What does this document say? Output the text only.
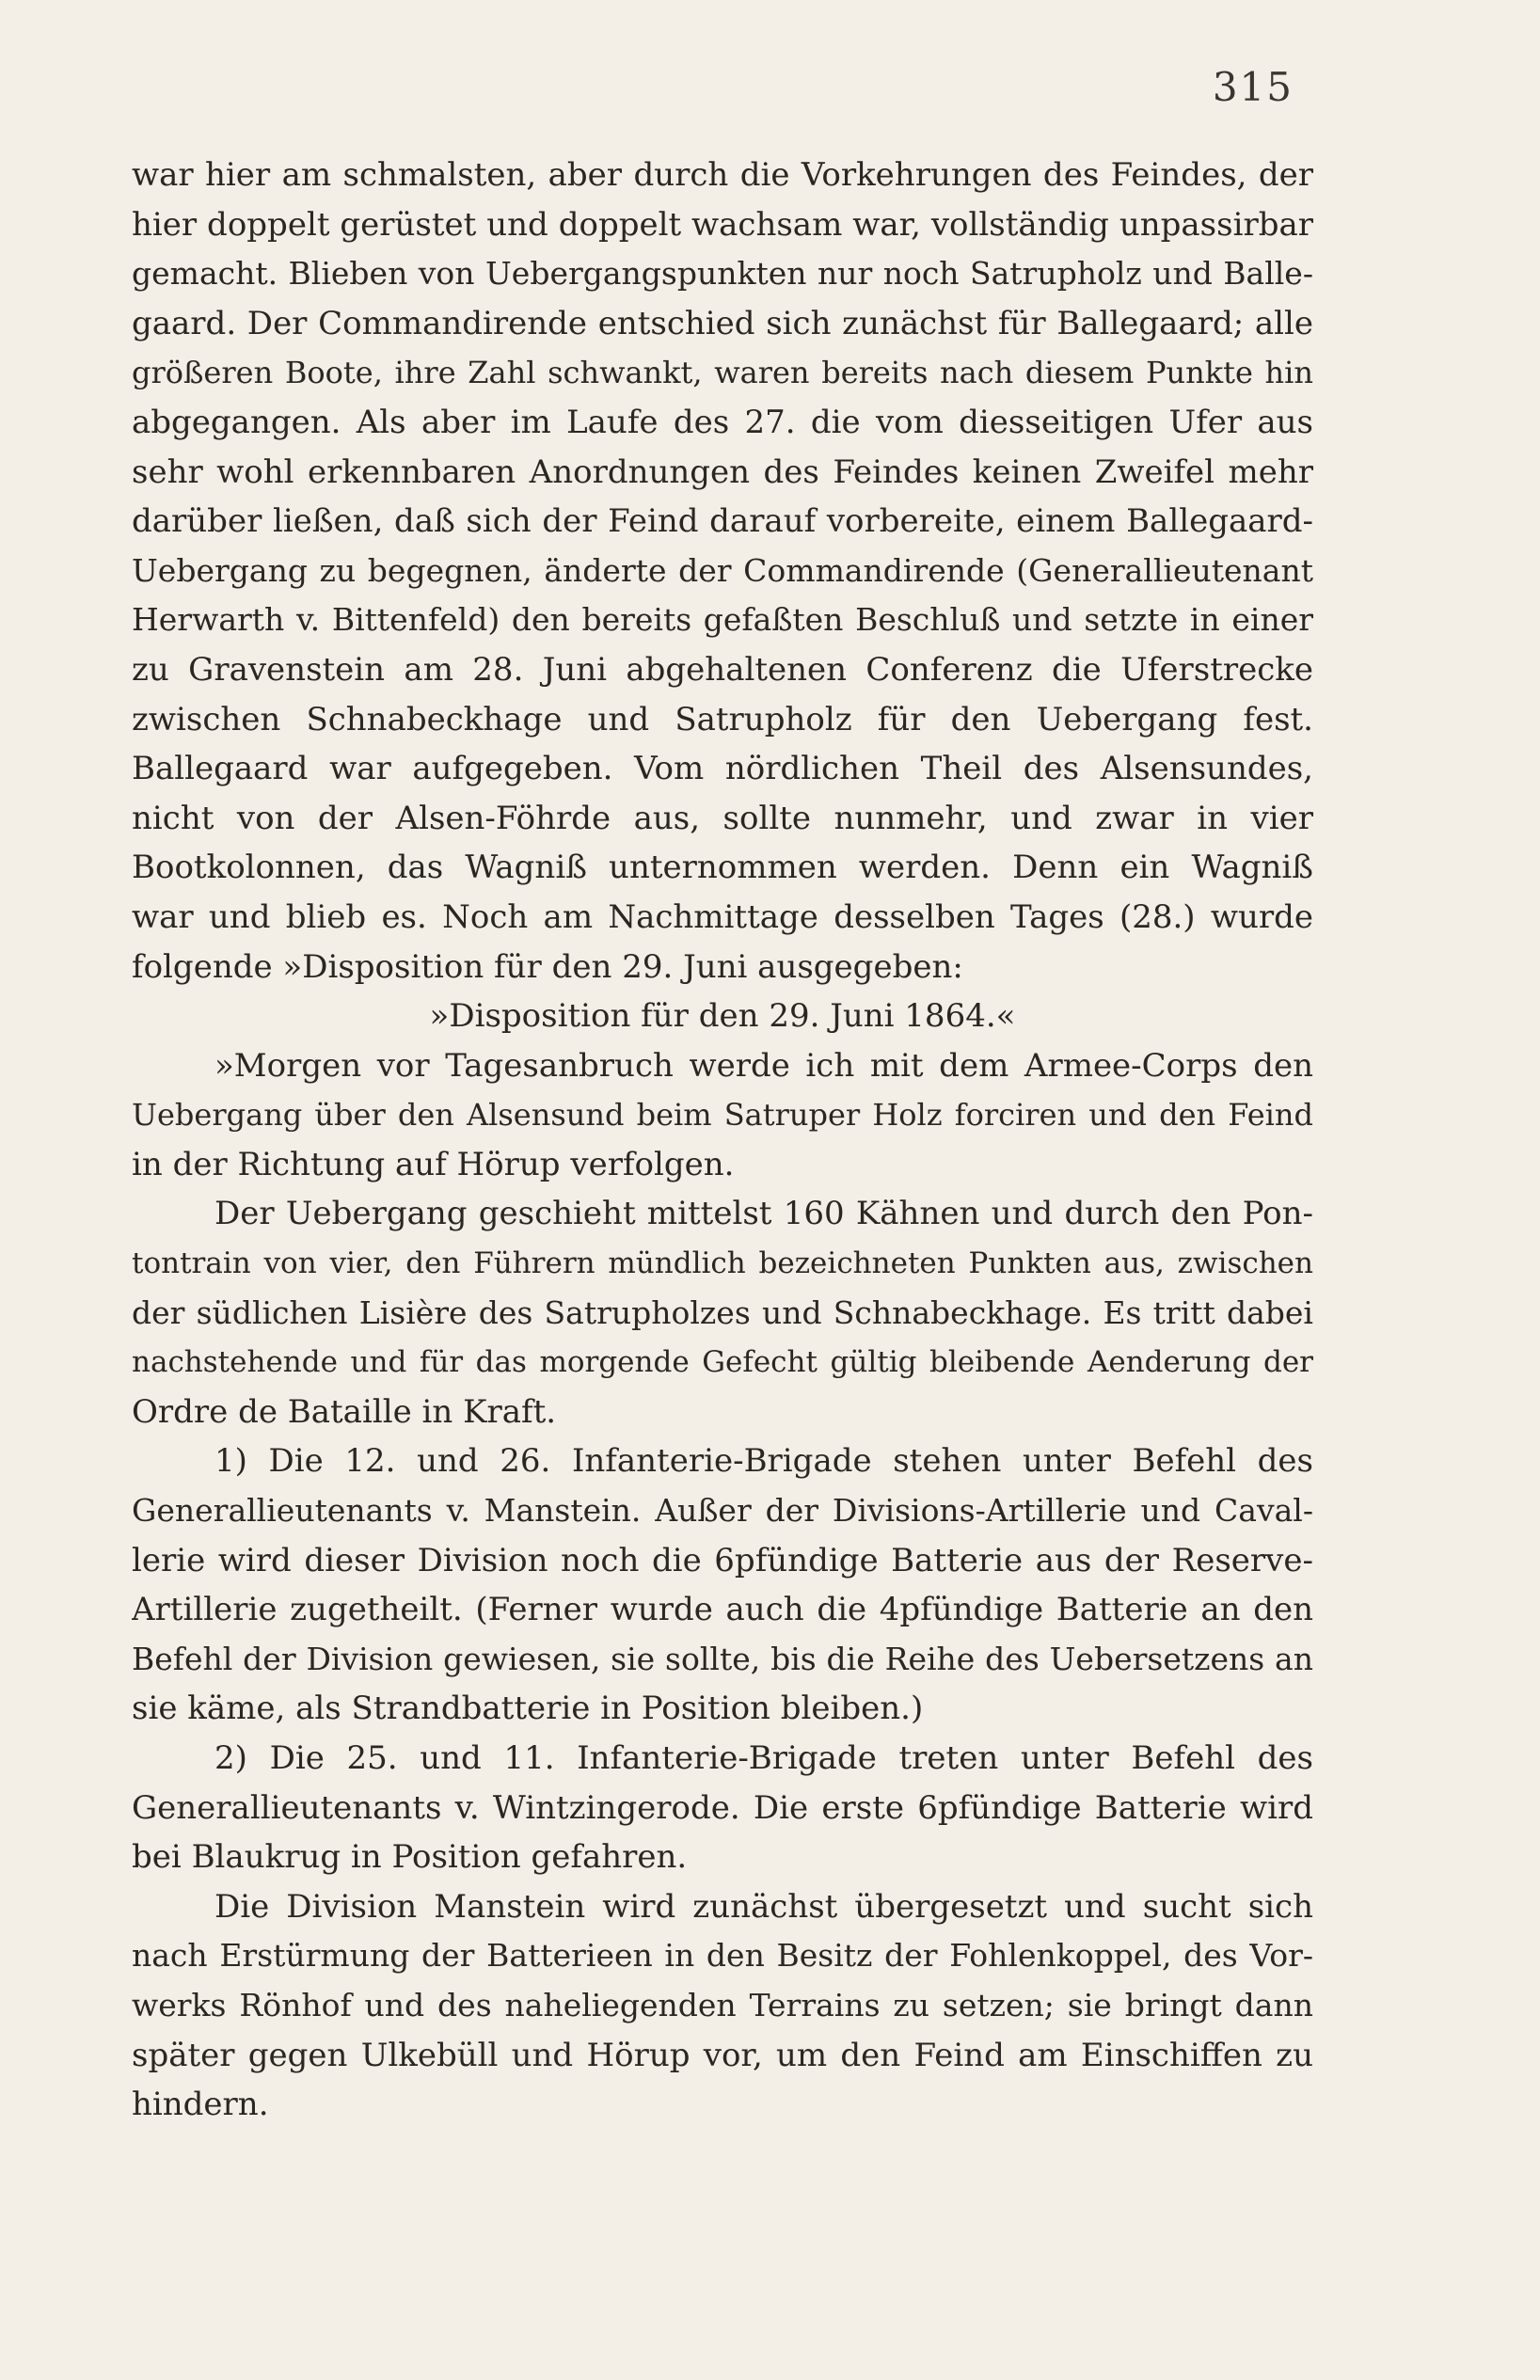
315
war hier am schmalsten, aber durch die Vorkehrungen des Feindes, der
hier doppelt gerüstet und doppelt wachsam war, vollständig unpassirbar
gemacht. Blieben von Uebergangspunkten nur noch Satrupholz und Balle-
gaard. Der Commandirende entschied sich zunächst für Ballegaard; alle
größeren Boote, ihre Zahl schwankt, waren bereits nach diesem Punkte hin
abgegangen. Als aber im Laufe des 27. die vom diesseitigen Ufer aus
sehr wohl erkennbaren Anordnungen des Feindes keinen Zweifel mehr
darüber ließen, daß sich der Feind darauf vorbereite, einem Ballegaard-
Uebergang zu begegnen, änderte der Commandirende (Generallieutenant
Herwarth v. Bittenfeld) den bereits gefaßten Beschluß und setzte in einer
zu Gravenstein am 28. Juni abgehaltenen Conferenz die Uferstrecke
zwischen Schnabeckhage und Satrupholz für den Uebergang fest.
Ballegaard war aufgegeben. Vom nördlichen Theil des Alsensundes,
nicht von der Alsen-Föhrde aus, sollte nunmehr, und zwar in vier
Bootkolonnen, das Wagniß unternommen werden. Denn ein Wagniß
war und blieb es. Noch am Nachmittage desselben Tages (28.) wurde
folgende »Disposition für den 29. Juni ausgegeben:
»Disposition für den 29. Juni 1864.«
»Morgen vor Tagesanbruch werde ich mit dem Armee-Corps den
Uebergang über den Alsensund beim Satruper Holz forciren und den Feind
in der Richtung auf Hörup verfolgen.
Der Uebergang geschieht mittelst 160 Kähnen und durch den Pon-
tontrain von vier, den Führern mündlich bezeichneten Punkten aus, zwischen
der südlichen Lisière des Satrupholzes und Schnabeckhage. Es tritt dabei
nachstehende und für das morgende Gefecht gültig bleibende Aenderung der
Ordre de Bataille in Kraft.
1) Die 12. und 26. Infanterie-Brigade stehen unter Befehl des
Generallieutenants v. Manstein. Außer der Divisions-Artillerie und Caval-
lerie wird dieser Division noch die 6pfündige Batterie aus der Reserve-
Artillerie zugetheilt. (Ferner wurde auch die 4pfündige Batterie an den
Befehl der Division gewiesen, sie sollte, bis die Reihe des Uebersetzens an
sie käme, als Strandbatterie in Position bleiben.)
2) Die 25. und 11. Infanterie-Brigade treten unter Befehl des
Generallieutenants v. Wintzingerode. Die erste 6pfündige Batterie wird
bei Blaukrug in Position gefahren.
Die Division Manstein wird zunächst übergesetzt und sucht sich
nach Erstürmung der Batterieen in den Besitz der Fohlenkoppel, des Vor-
werks Rönhof und des naheliegenden Terrains zu setzen; sie bringt dann
später gegen Ulkebüll und Hörup vor, um den Feind am Einschiffen zu
hindern.
